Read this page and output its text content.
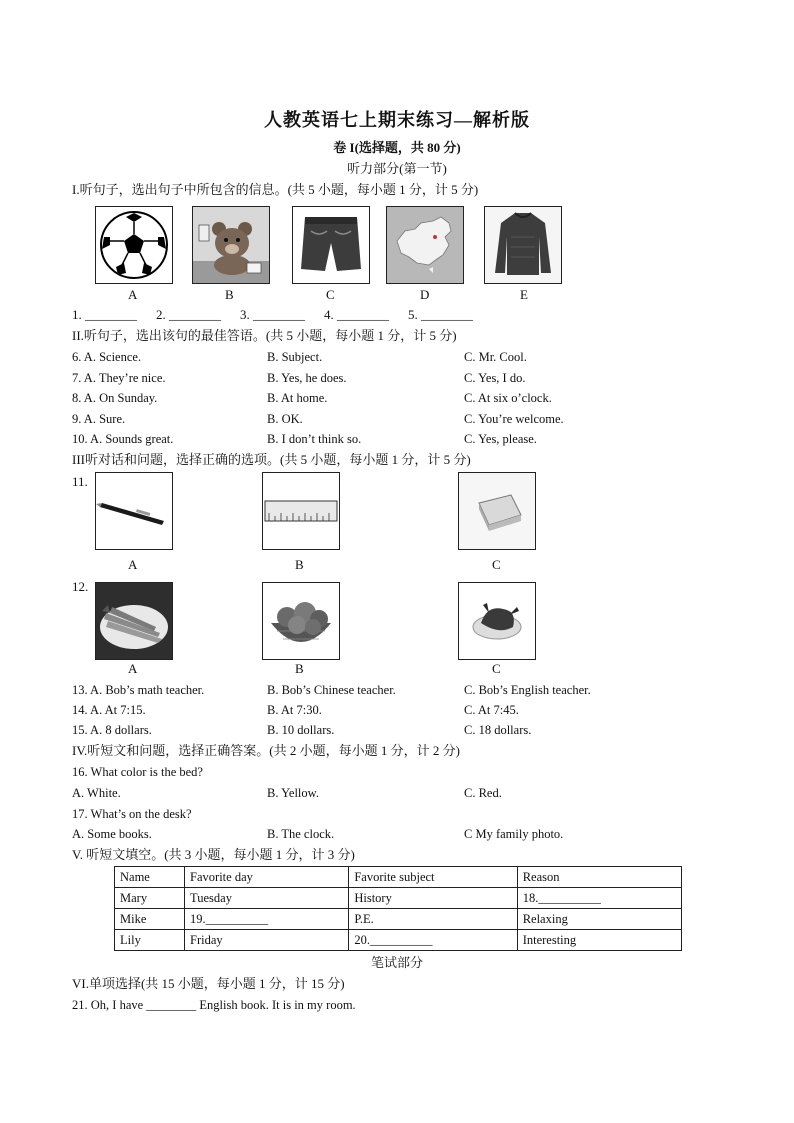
人教英语七上期末练习—解析版
卷 I(选择题，共 80 分)
听力部分(第一节)
I.听句子，选出句子中所包含的信息。(共 5 小题，每小题 1 分，计 5 分)
A	B	C	D	E
1. ________ 2. ________ 3. ________ 4. ________ 5. ________
II.听句子，选出该句的最佳答语。(共 5 小题，每小题 1 分，计 5 分)
6. A. Science.	B. Subject.	C. Mr. Cool.
7. A. They’re nice.	B. Yes, he does.	C. Yes, I do.
8. A. On Sunday.	B. At home.	C. At six o’clock.
9. A. Sure.	B. OK.	C. You’re welcome.
10. A. Sounds great.	B. I don’t think so.	C. Yes, please.
III听对话和问题，选择正确的选项。(共 5 小题，每小题 1 分，计 5 分)
11.
A	B	C
12.
A	B	C
13. A. Bob’s math teacher.	B. Bob’s Chinese teacher.	C. Bob’s English teacher.
14. A. At 7:15.	B. At 7:30.	C. At 7:45.
15. A. 8 dollars.	B. 10 dollars.	C. 18 dollars.
IV.听短文和问题，选择正确答案。(共 2 小题，每小题 1 分，计 2 分)
16. What color is the bed?
A. White.	B. Yellow.	C. Red.
17. What’s on the desk?
A. Some books.	B. The clock.	C My family photo.
V. 听短文填空。(共 3 小题，每小题 1 分，计 3 分)
Name	Favorite day	Favorite subject	Reason
Mary	Tuesday	History	18.__________
Mike	19.__________	P.E.	Relaxing
Lily	Friday	20.__________	Interesting
笔试部分
VI.单项选择(共 15 小题，每小题 1 分，计 15 分)
21. Oh, I have ________ English book. It is in my room.
